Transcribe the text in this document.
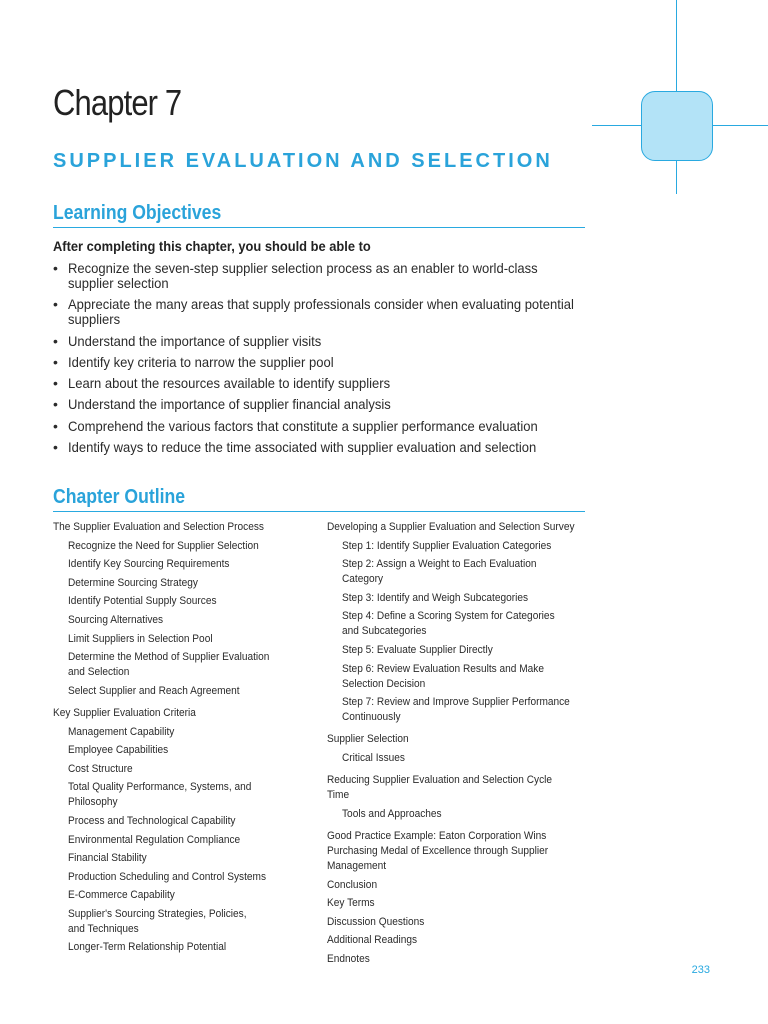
Chapter 7
SUPPLIER EVALUATION AND SELECTION
Learning Objectives
After completing this chapter, you should be able to
• Recognize the seven-step supplier selection process as an enabler to world-class supplier selection
• Appreciate the many areas that supply professionals consider when evaluating potential suppliers
• Understand the importance of supplier visits
• Identify key criteria to narrow the supplier pool
• Learn about the resources available to identify suppliers
• Understand the importance of supplier financial analysis
• Comprehend the various factors that constitute a supplier performance evaluation
• Identify ways to reduce the time associated with supplier evaluation and selection
Chapter Outline
The Supplier Evaluation and Selection Process
Recognize the Need for Supplier Selection
Identify Key Sourcing Requirements
Determine Sourcing Strategy
Identify Potential Supply Sources
Sourcing Alternatives
Limit Suppliers in Selection Pool
Determine the Method of Supplier Evaluation
and Selection
Select Supplier and Reach Agreement
Key Supplier Evaluation Criteria
Management Capability
Employee Capabilities
Cost Structure
Total Quality Performance, Systems, and Philosophy
Process and Technological Capability
Environmental Regulation Compliance
Financial Stability
Production Scheduling and Control Systems
E-Commerce Capability
Supplier's Sourcing Strategies, Policies,
and Techniques
Longer-Term Relationship Potential
Developing a Supplier Evaluation and Selection Survey
Step 1: Identify Supplier Evaluation Categories
Step 2: Assign a Weight to Each Evaluation Category
Step 3: Identify and Weigh Subcategories
Step 4: Define a Scoring System for Categories
and Subcategories
Step 5: Evaluate Supplier Directly
Step 6: Review Evaluation Results and Make
Selection Decision
Step 7: Review and Improve Supplier Performance
Continuously
Supplier Selection
Critical Issues
Reducing Supplier Evaluation and Selection Cycle Time
Tools and Approaches
Good Practice Example: Eaton Corporation Wins
Purchasing Medal of Excellence through Supplier
Management
Conclusion
Key Terms
Discussion Questions
Additional Readings
Endnotes
233
